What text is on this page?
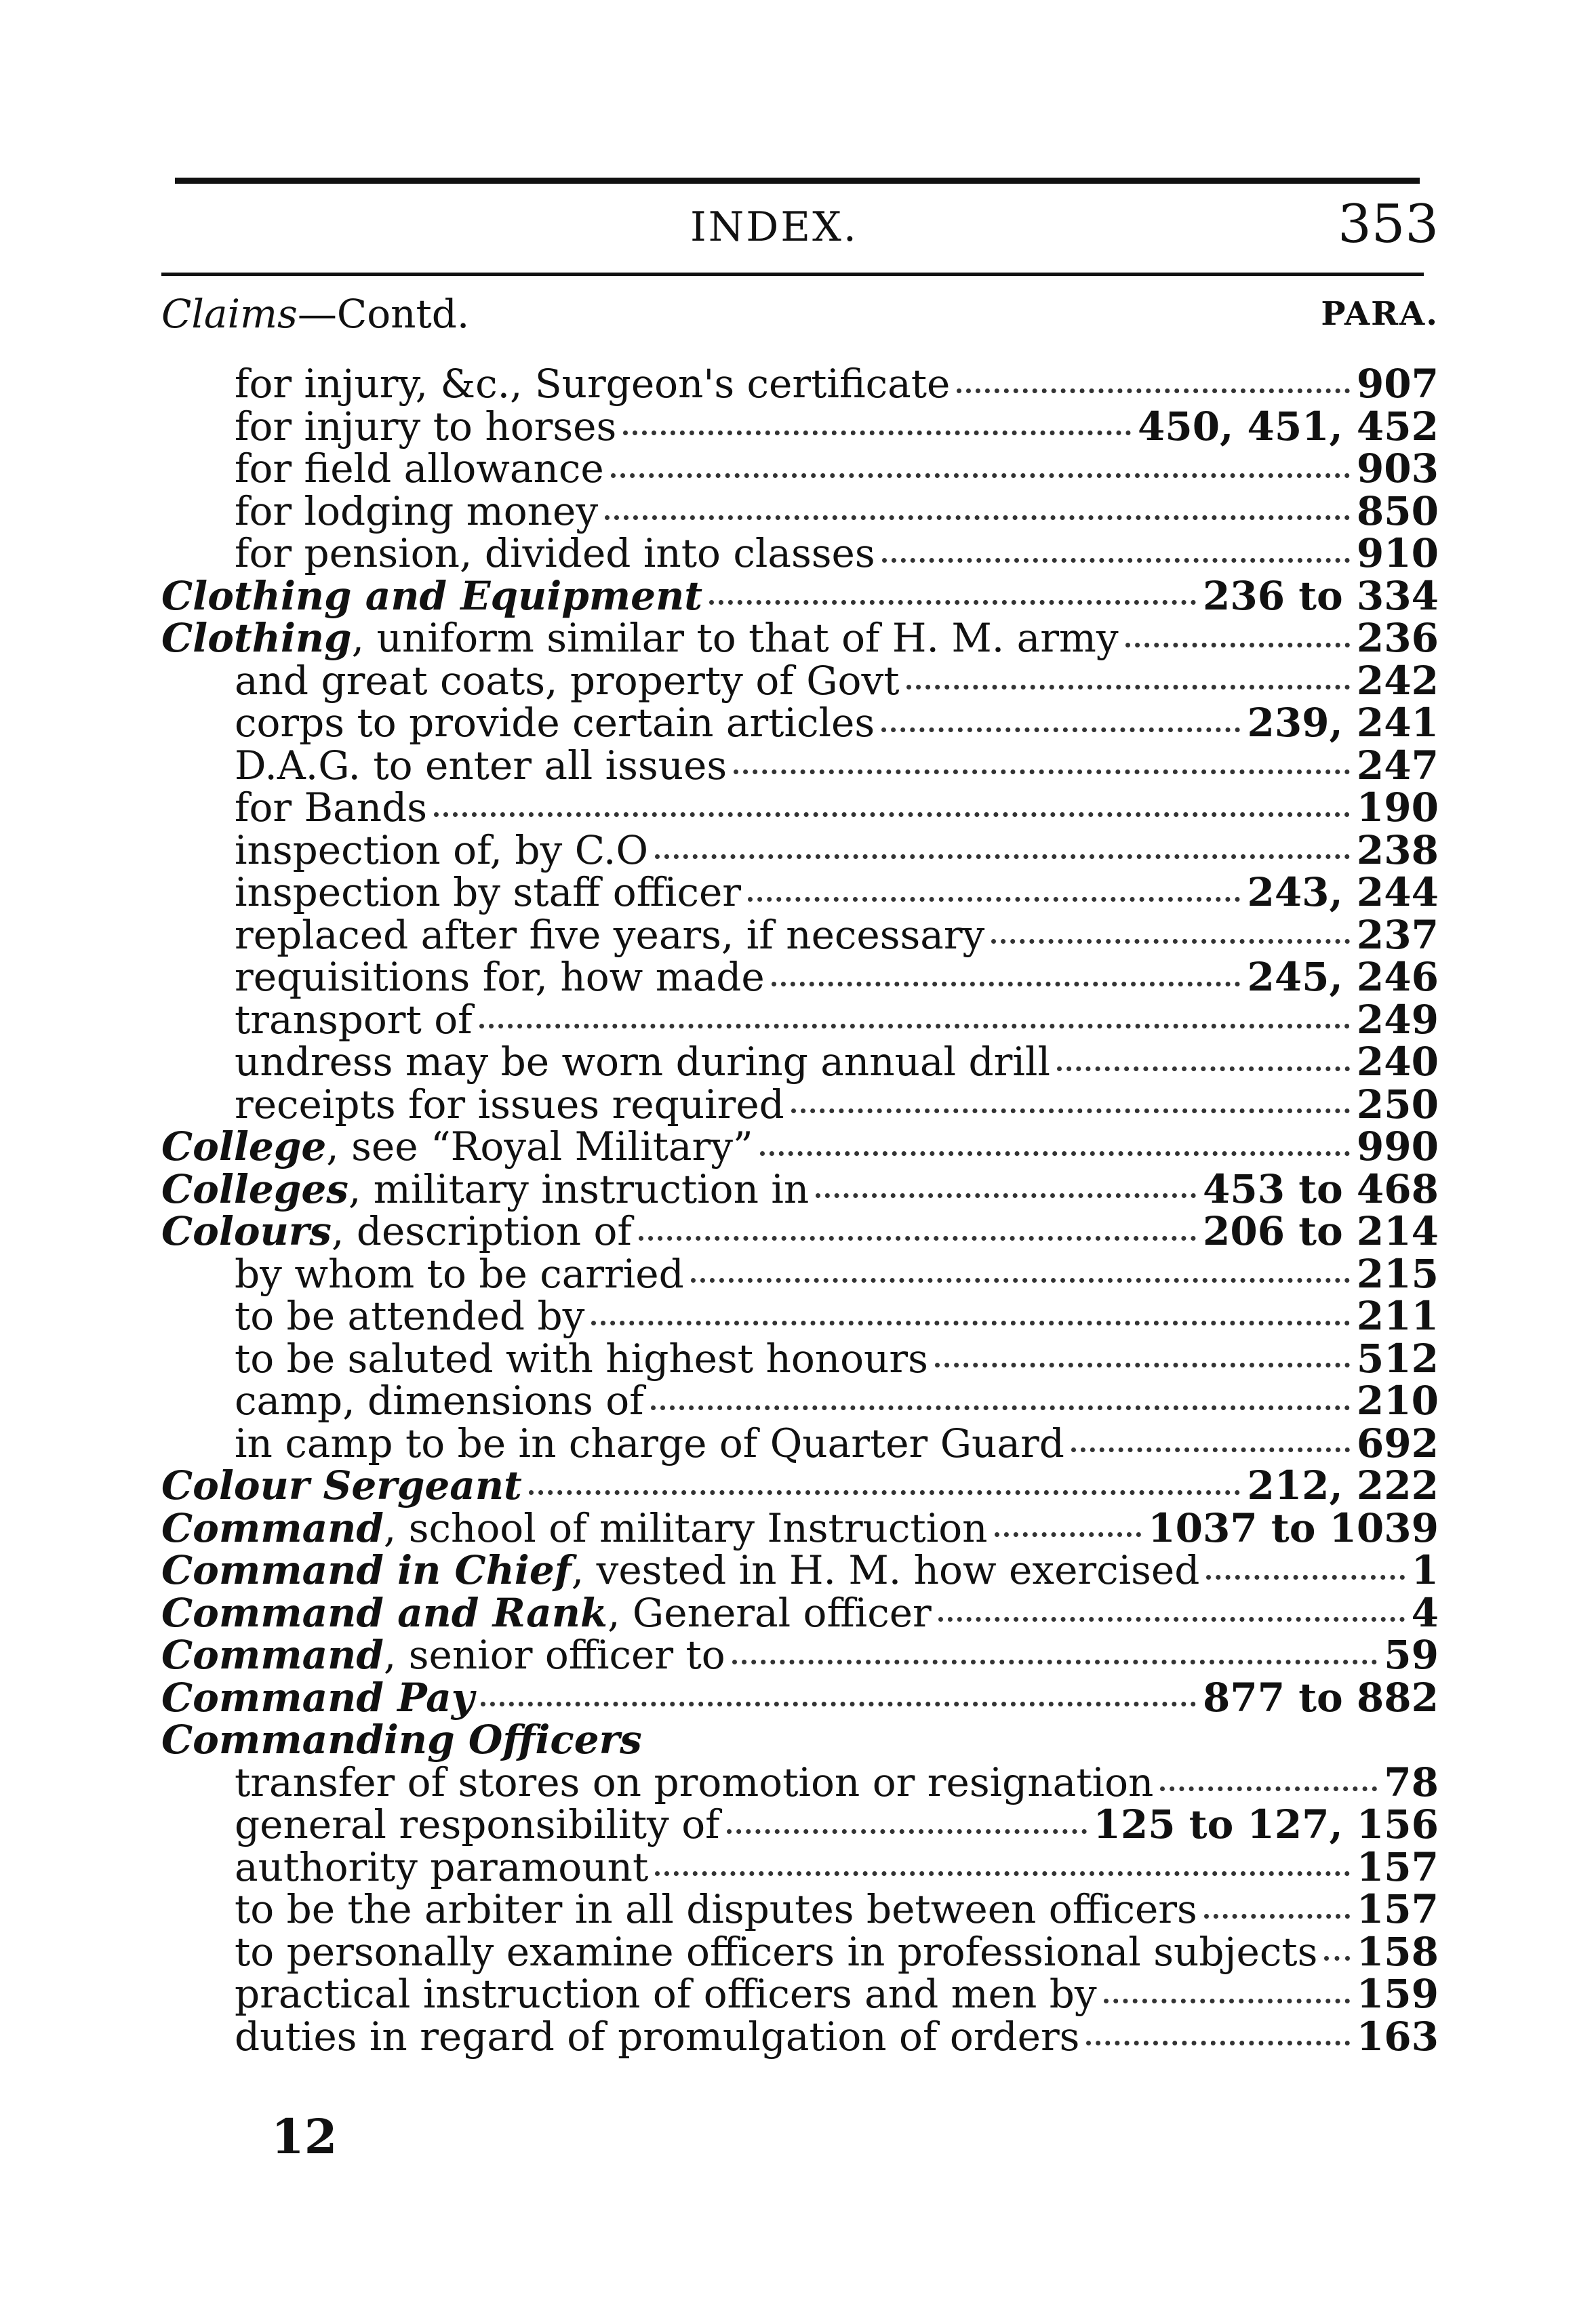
INDEX.	353
Claims—Contd.	PARA.
for injury, &c., Surgeon's certificate	907
for injury to horses	450, 451, 452
for field allowance	903
for lodging money	850
for pension, divided into classes	910
Clothing and Equipment	236 to 334
Clothing , uniform similar to that of H. M. army	236
and great coats, property of Govt	242
corps to provide certain articles	239, 241
D.A.G. to enter all issues	247
for Bands	190
inspection of, by C.O	238
inspection by staff officer	243, 244
replaced after five years, if necessary	237
requisitions for, how made	245, 246
transport of	249
undress may be worn during annual drill	240
receipts for issues required	250
College , see “Royal Military”	990
Colleges , military instruction in	453 to 468
Colours , description of	206 to 214
by whom to be carried	215
to be attended by	211
to be saluted with highest honours	512
camp, dimensions of	210
in camp to be in charge of Quarter Guard	692
Colour Sergeant	212, 222
Command , school of military Instruction	1037 to 1039
Command in Chief , vested in H. M. how exercised	1
Command and Rank , General officer	4
Command , senior officer to	59
Command Pay	877 to 882
Commanding Officers
transfer of stores on promotion or resignation	78
general responsibility of	125 to 127, 156
authority paramount	157
to be the arbiter in all disputes between officers	157
to personally examine officers in professional subjects 158
practical instruction of officers and men by	159
duties in regard of promulgation of orders	163
12
